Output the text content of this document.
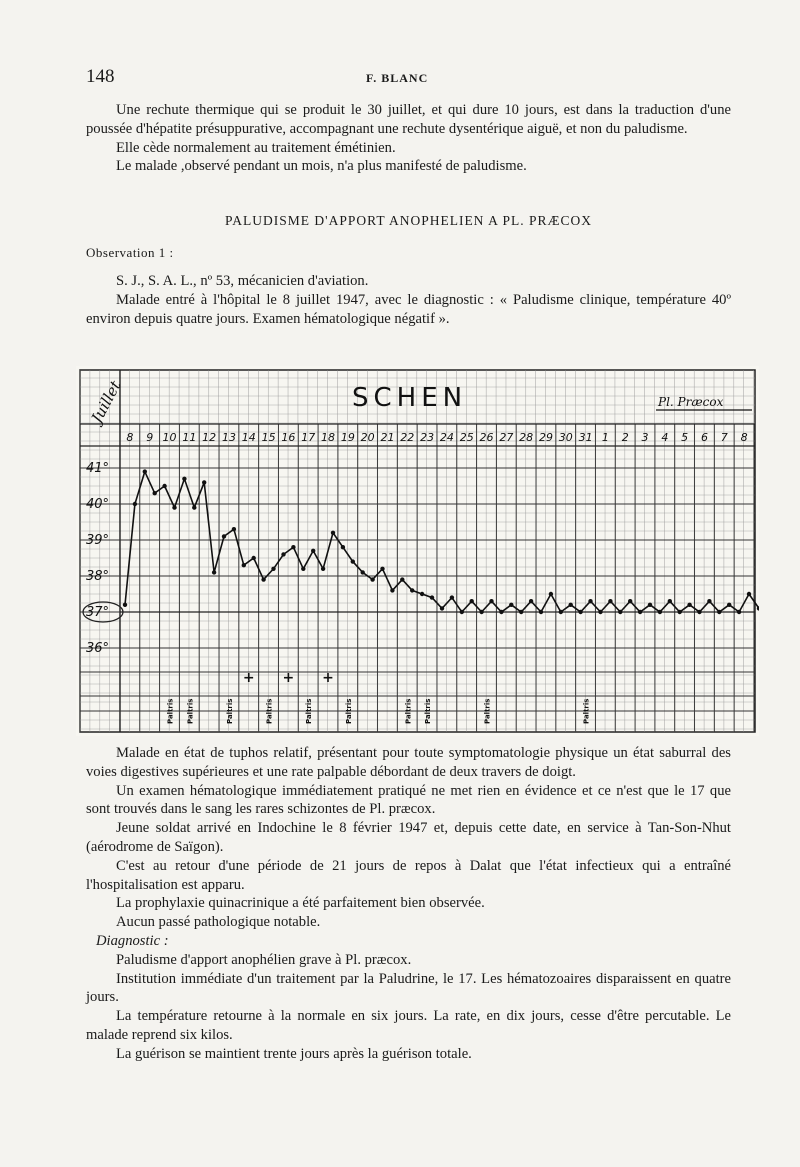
148	F. BLANC

Une rechute thermique qui se produit le 30 juillet, et qui dure 10 jours, est dans la traduction d'une poussée d'hépatite présuppurative, accompagnant une rechute dysentérique aiguë, et non du paludisme.

Elle cède normalement au traitement émétinien.

Le malade ,observé pendant un mois, n'a plus manifesté de paludisme.

PALUDISME D'APPORT ANOPHELIEN A PL. PRÆCOX
Observation 1 :

S. J., S. A. L., nº 53, mécanicien d'aviation.

Malade entré à l'hôpital le 8 juillet 1947, avec le diagnostic : « Paludisme clinique, température 40º environ depuis quatre jours. Examen hématologique négatif ».

41°
40°
39°
38°
37°
36°
8 9 10 11 12 13 14 15 16 17 18 19 20 21 22 23 24 25 26 27 28 29 30 31 1 2 3 4 5 6 7 8
Juillet	SCHEN	Pl. Præcox
Paltris Paltris	Paltris
+
Paltris
+
Paltris
+
Paltris	Paltris Paltris	Paltris	Paltris

Malade en état de tuphos relatif, présentant pour toute symptomatologie physique un état saburral des voies digestives supérieures et une rate palpable débordant de deux travers de doigt.

Un examen hématologique immédiatement pratiqué ne met rien en évidence et ce n'est que le 17 que sont trouvés dans le sang les rares schizontes de Pl. præcox.

Jeune soldat arrivé en Indochine le 8 février 1947 et, depuis cette date, en service à Tan-Son-Nhut (aérodrome de Saïgon).

C'est au retour d'une période de 21 jours de repos à Dalat que l'état infectieux qui a entraîné l'hospitalisation est apparu.

La prophylaxie quinacrinique a été parfaitement bien observée.

Aucun passé pathologique notable.

Diagnostic :

Paludisme d'apport anophélien grave à Pl. præcox.

Institution immédiate d'un traitement par la Paludrine, le 17. Les hématozoaires disparaissent en quatre jours.

La température retourne à la normale en six jours. La rate, en dix jours, cesse d'être percutable. Le malade reprend six kilos.

La guérison se maintient trente jours après la guérison totale.
